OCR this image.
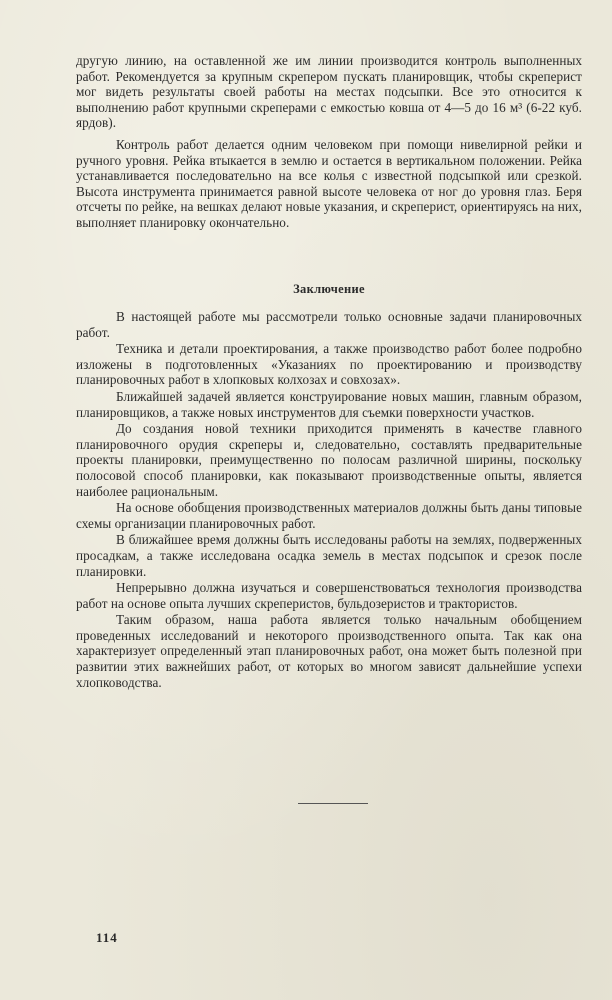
другую линию, на оставленной же им линии производится контроль выполненных работ. Рекомендуется за крупным скрепером пускать планировщик, чтобы скреперист мог видеть результаты своей работы на местах подсыпки. Все это относится к выполнению работ крупными скреперами с емкостью ковша от 4—5 до 16 м³ (6-22 куб. ярдов).

Контроль работ делается одним человеком при помощи нивелирной рейки и ручного уровня. Рейка втыкается в землю и остается в вертикальном положении. Рейка устанавливается последовательно на все колья с известной подсыпкой или срезкой. Высота инструмента принимается равной высоте человека от ног до уровня глаз. Беря отсчеты по рейке, на вешках делают новые указания, и скреперист, ориентируясь на них, выполняет планировку окончательно.

Заключение

В настоящей работе мы рассмотрели только основные задачи планировочных работ.

Техника и детали проектирования, а также производство работ более подробно изложены в подготовленных «Указаниях по проектированию и производству планировочных работ в хлопковых колхозах и совхозах».

Ближайшей задачей является конструирование новых машин, главным образом, планировщиков, а также новых инструментов для съемки поверхности участков.

До создания новой техники приходится применять в качестве главного планировочного орудия скреперы и, следовательно, составлять предварительные проекты планировки, преимущественно по полосам различной ширины, поскольку полосовой способ планировки, как показывают производственные опыты, является наиболее рациональным.

На основе обобщения производственных материалов должны быть даны типовые схемы организации планировочных работ.

В ближайшее время должны быть исследованы работы на землях, подверженных просадкам, а также исследована осадка земель в местах подсыпок и срезок после планировки.

Непрерывно должна изучаться и совершенствоваться технология производства работ на основе опыта лучших скреперистов, бульдозеристов и трактористов.

Таким образом, наша работа является только начальным обобщением проведенных исследований и некоторого производственного опыта. Так как она характеризует определенный этап планировочных работ, она может быть полезной при развитии этих важнейших работ, от которых во многом зависят дальнейшие успехи хлопководства.

114
